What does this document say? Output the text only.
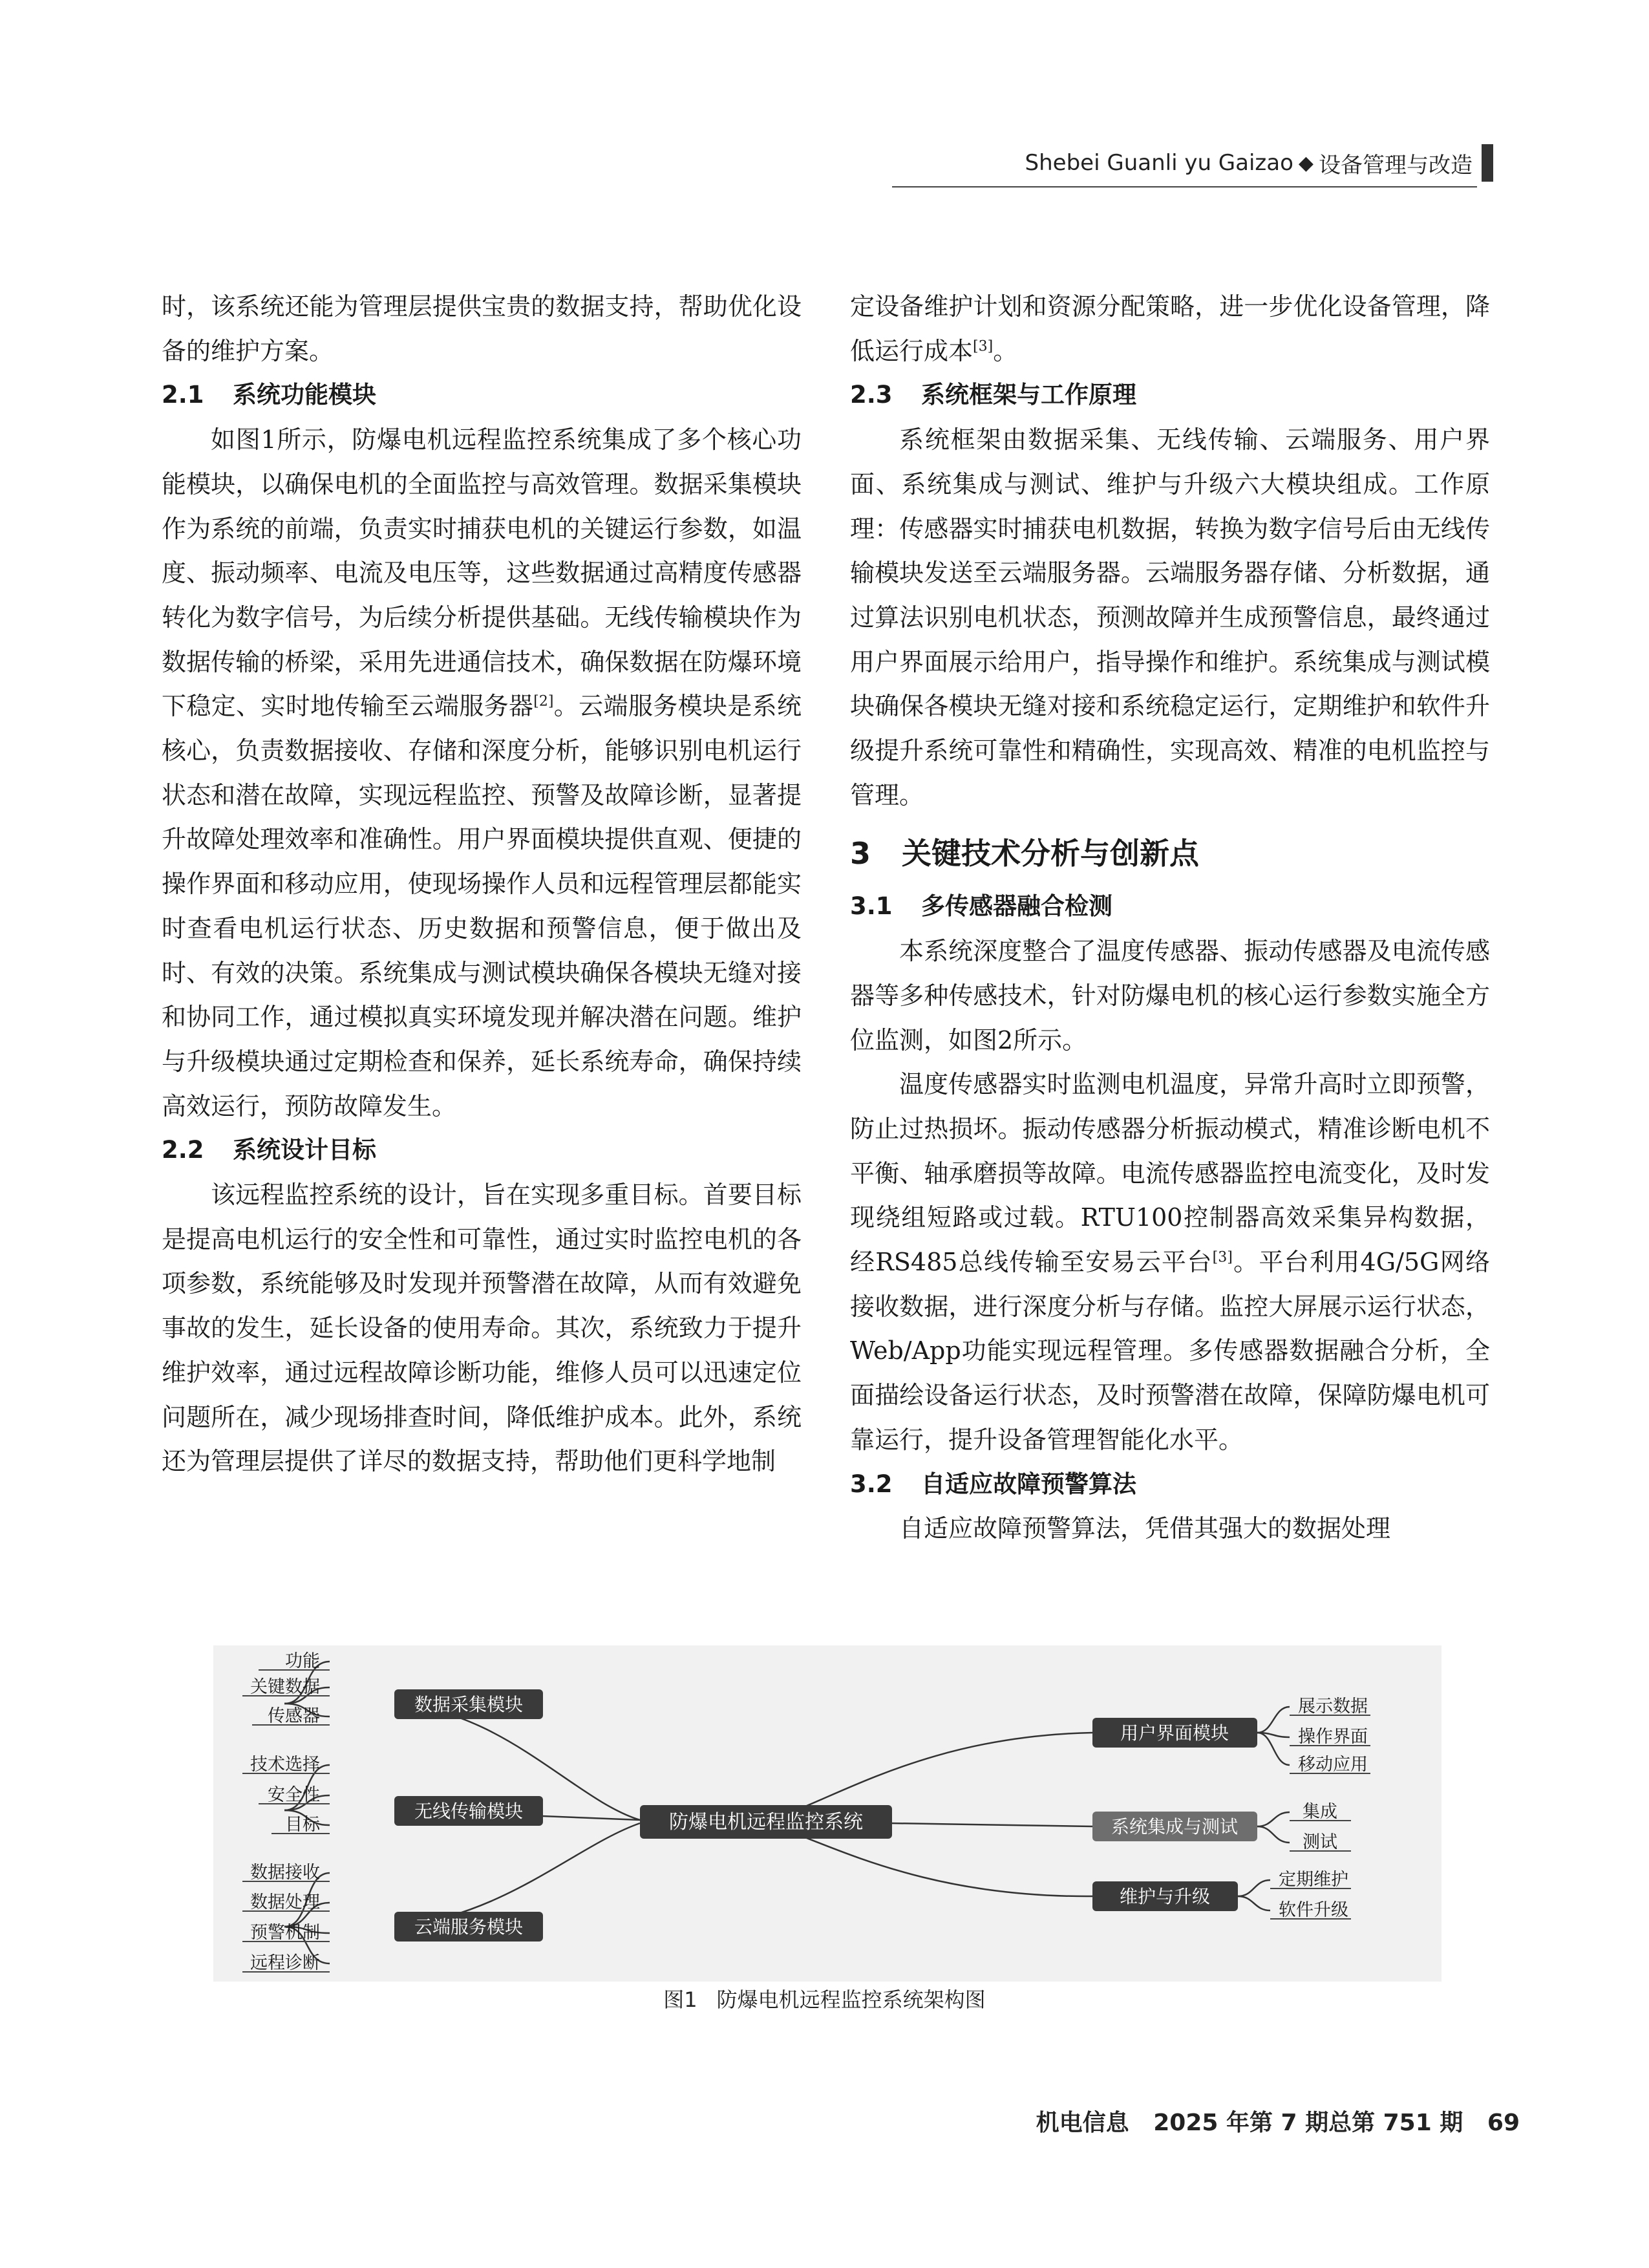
Shebei Guanli yu Gaizao ◆ 设备管理与改造

时，该系统还能为管理层提供宝贵的数据支持，帮助优化设备的维护方案。

2.1 系统功能模块

如图1所示，防爆电机远程监控系统集成了多个核心功能模块，以确保电机的全面监控与高效管理。数据采集模块作为系统的前端，负责实时捕获电机的关键运行参数，如温度、振动频率、电流及电压等，这些数据通过高精度传感器转化为数字信号，为后续分析提供基础。无线传输模块作为数据传输的桥梁，采用先进通信技术，确保数据在防爆环境下稳定、实时地传输至云端服务器[2]。云端服务模块是系统核心，负责数据接收、存储和深度分析，能够识别电机运行状态和潜在故障，实现远程监控、预警及故障诊断，显著提升故障处理效率和准确性。用户界面模块提供直观、便捷的操作界面和移动应用，使现场操作人员和远程管理层都能实时查看电机运行状态、历史数据和预警信息，便于做出及时、有效的决策。系统集成与测试模块确保各模块无缝对接和协同工作，通过模拟真实环境发现并解决潜在问题。维护与升级模块通过定期检查和保养，延长系统寿命，确保持续高效运行，预防故障发生。

2.2 系统设计目标

该远程监控系统的设计，旨在实现多重目标。首要目标是提高电机运行的安全性和可靠性，通过实时监控电机的各项参数，系统能够及时发现并预警潜在故障，从而有效避免事故的发生，延长设备的使用寿命。其次，系统致力于提升维护效率，通过远程故障诊断功能，维修人员可以迅速定位问题所在，减少现场排查时间，降低维护成本。此外，系统还为管理层提供了详尽的数据支持，帮助他们更科学地制

定设备维护计划和资源分配策略，进一步优化设备管理，降低运行成本[3]。

2.3 系统框架与工作原理

系统框架由数据采集、无线传输、云端服务、用户界面、系统集成与测试、维护与升级六大模块组成。工作原理：传感器实时捕获电机数据，转换为数字信号后由无线传输模块发送至云端服务器。云端服务器存储、分析数据，通过算法识别电机状态，预测故障并生成预警信息，最终通过用户界面展示给用户，指导操作和维护。系统集成与测试模块确保各模块无缝对接和系统稳定运行，定期维护和软件升级提升系统可靠性和精确性，实现高效、精准的电机监控与管理。

3 关键技术分析与创新点
3.1 多传感器融合检测

本系统深度整合了温度传感器、振动传感器及电流传感器等多种传感技术，针对防爆电机的核心运行参数实施全方位监测，如图2所示。

温度传感器实时监测电机温度，异常升高时立即预警，防止过热损坏。振动传感器分析振动模式，精准诊断电机不平衡、轴承磨损等故障。电流传感器监控电流变化，及时发现绕组短路或过载。RTU100控制器高效采集异构数据，经RS485总线传输至安易云平台[3]。平台利用4G/5G网络接收数据，进行深度分析与存储。监控大屏展示运行状态，Web/App功能实现远程管理。多传感器数据融合分析，全面描绘设备运行状态，及时预警潜在故障，保障防爆电机可靠运行，提升设备管理智能化水平。

3.2 自适应故障预警算法

自适应故障预警算法，凭借其强大的数据处理

数据采集模块
无线传输模块
云端服务模块
防爆电机远程监控系统
用户界面模块
系统集成与测试
维护与升级
功能
关键数据
传感器
技术选择
安全性
目标
数据接收
数据处理
预警机制
远程诊断
展示数据
操作界面
移动应用
集成
测试
定期维护
软件升级
图1 防爆电机远程监控系统架构图
机电信息   2025 年第 7 期总第 751 期   69
